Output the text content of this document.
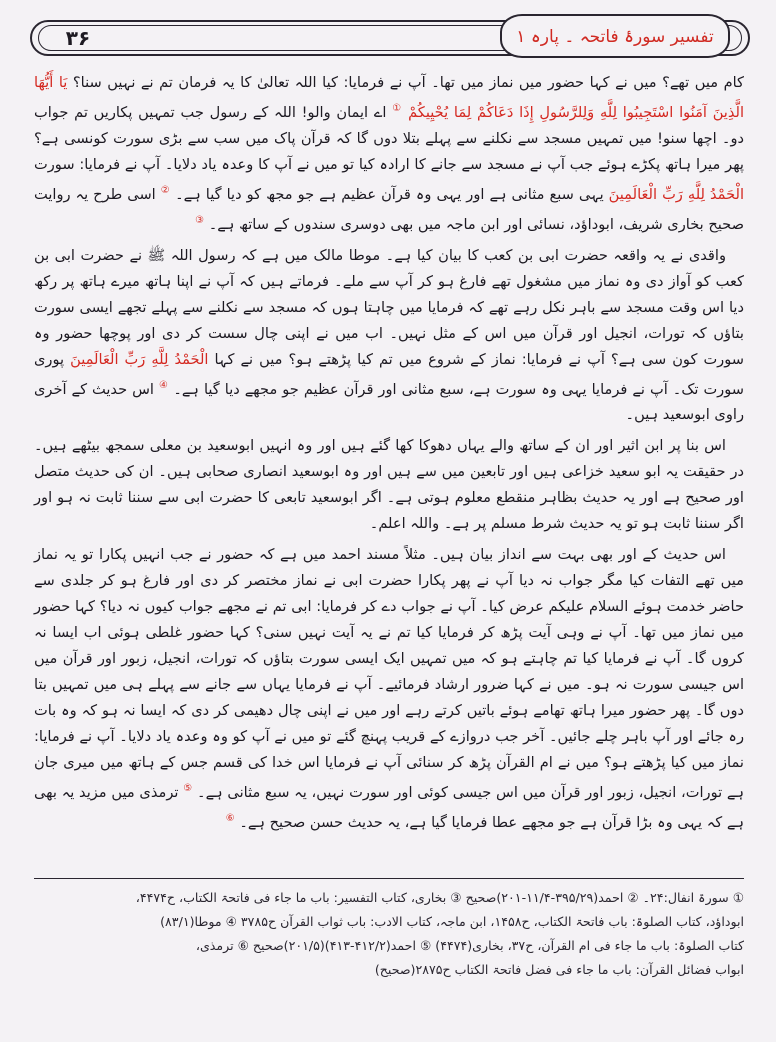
۳۶	تفسیر سورۂ فاتحہ ۔ پارہ ۱

کام میں تھے؟ میں نے کہا حضور میں نماز میں تھا۔ آپ نے فرمایا: کیا اللہ تعالیٰ کا یہ فرمان تم نے نہیں سنا؟ يَا أَيُّهَا الَّذِينَ آمَنُوا اسْتَجِيبُوا لِلَّهِ وَلِلرَّسُولِ إِذَا دَعَاكُمْ لِمَا يُحْيِيكُمْ ① اے ایمان والو! اللہ کے رسول جب تمہیں پکاریں تم جواب دو۔ اچھا سنو! میں تمہیں مسجد سے نکلنے سے پہلے بتلا دوں گا کہ قرآن پاک میں سب سے بڑی سورت کونسی ہے؟ پھر میرا ہاتھ پکڑے ہوئے جب آپ نے مسجد سے جانے کا ارادہ کیا تو میں نے آپ کا وعدہ یاد دلایا۔ آپ نے فرمایا: سورت الْحَمْدُ لِلَّهِ رَبِّ الْعَالَمِينَ یہی سبع مثانی ہے اور یہی وہ قرآن عظیم ہے جو مجھ کو دیا گیا ہے۔ ② اسی طرح یہ روایت صحیح بخاری شریف، ابوداؤد، نسائی اور ابن ماجہ میں بھی دوسری سندوں کے ساتھ ہے۔ ③

واقدی نے یہ واقعہ حضرت ابی بن کعب کا بیان کیا ہے۔ موطا مالک میں ہے کہ رسول اللہ ﷺ نے حضرت ابی بن کعب کو آواز دی وہ نماز میں مشغول تھے فارغ ہو کر آپ سے ملے۔ فرماتے ہیں کہ آپ نے اپنا ہاتھ میرے ہاتھ پر رکھ دیا اس وقت مسجد سے باہر نکل رہے تھے کہ فرمایا میں چاہتا ہوں کہ مسجد سے نکلنے سے پہلے تجھے ایسی سورت بتاؤں کہ تورات، انجیل اور قرآن میں اس کے مثل نہیں۔ اب میں نے اپنی چال سست کر دی اور پوچھا حضور وہ سورت کون سی ہے؟ آپ نے فرمایا: نماز کے شروع میں تم کیا پڑھتے ہو؟ میں نے کہا الْحَمْدُ لِلَّهِ رَبِّ الْعَالَمِينَ پوری سورت تک۔ آپ نے فرمایا یہی وہ سورت ہے، سبع مثانی اور قرآن عظیم جو مجھے دیا گیا ہے۔ ④ اس حدیث کے آخری راوی ابوسعید ہیں۔

اس بنا پر ابن اثیر اور ان کے ساتھ والے یہاں دھوکا کھا گئے ہیں اور وہ انہیں ابوسعید بن معلی سمجھ بیٹھے ہیں۔ در حقیقت یہ ابو سعید خزاعی ہیں اور تابعین میں سے ہیں اور وہ ابوسعید انصاری صحابی ہیں۔ ان کی حدیث متصل اور صحیح ہے اور یہ حدیث بظاہر منقطع معلوم ہوتی ہے۔ اگر ابوسعید تابعی کا حضرت ابی سے سننا ثابت نہ ہو اور اگر سننا ثابت ہو تو یہ حدیث شرط مسلم پر ہے۔ واللہ اعلم۔

اس حدیث کے اور بھی بہت سے انداز بیان ہیں۔ مثلاً مسند احمد میں ہے کہ حضور نے جب انہیں پکارا تو یہ نماز میں تھے التفات کیا مگر جواب نہ دیا آپ نے پھر پکارا حضرت ابی نے نماز مختصر کر دی اور فارغ ہو کر جلدی سے حاضر خدمت ہوئے السلام علیکم عرض کیا۔ آپ نے جواب دے کر فرمایا: ابی تم نے مجھے جواب کیوں نہ دیا؟ کہا حضور میں نماز میں تھا۔ آپ نے وہی آیت پڑھ کر فرمایا کیا تم نے یہ آیت نہیں سنی؟ کہا حضور غلطی ہوئی اب ایسا نہ کروں گا۔ آپ نے فرمایا کیا تم چاہتے ہو کہ میں تمہیں ایک ایسی سورت بتاؤں کہ تورات، انجیل، زبور اور قرآن میں اس جیسی سورت نہ ہو۔ میں نے کہا ضرور ارشاد فرمائیے۔ آپ نے فرمایا یہاں سے جانے سے پہلے ہی میں تمہیں بتا دوں گا۔ پھر حضور میرا ہاتھ تھامے ہوئے باتیں کرتے رہے اور میں نے اپنی چال دھیمی کر دی کہ ایسا نہ ہو کہ وہ بات رہ جائے اور آپ باہر چلے جائیں۔ آخر جب دروازے کے قریب پہنچ گئے تو میں نے آپ کو وہ وعدہ یاد دلایا۔ آپ نے فرمایا: نماز میں کیا پڑھتے ہو؟ میں نے ام القرآن پڑھ کر سنائی آپ نے فرمایا اس خدا کی قسم جس کے ہاتھ میں میری جان ہے تورات، انجیل، زبور اور قرآن میں اس جیسی کوئی اور سورت نہیں، یہ سبع مثانی ہے۔ ⑤ ترمذی میں مزید یہ بھی ہے کہ یہی وہ بڑا قرآن ہے جو مجھے عطا فرمایا گیا ہے، یہ حدیث حسن صحیح ہے۔ ⑥

① سورۃ انفال:۲۴۔ ② احمد(۳۹۵/۲۹-۱۱/۴-۲۰۱)صحیح ③ بخاری، کتاب التفسیر: باب ما جاء فی فاتحۃ الکتاب، ح۴۴۷۴،
ابوداؤد، کتاب الصلوۃ: باب فاتحۃ الکتاب، ح۱۴۵۸، ابن ماجہ، کتاب الادب: باب ثواب القرآن ح۳۷۸۵ ④ موطا(۸۳/۱)
کتاب الصلوۃ: باب ما جاء فی ام القرآن، ح۳۷، بخاری(۴۴۷۴) ⑤ احمد(۴۱۲/۲-۴۱۳)(۲۰۱/۵)صحیح ⑥ ترمذی،
ابواب فضائل القرآن: باب ما جاء فی فضل فاتحۃ الکتاب ح۲۸۷۵(صحیح)
